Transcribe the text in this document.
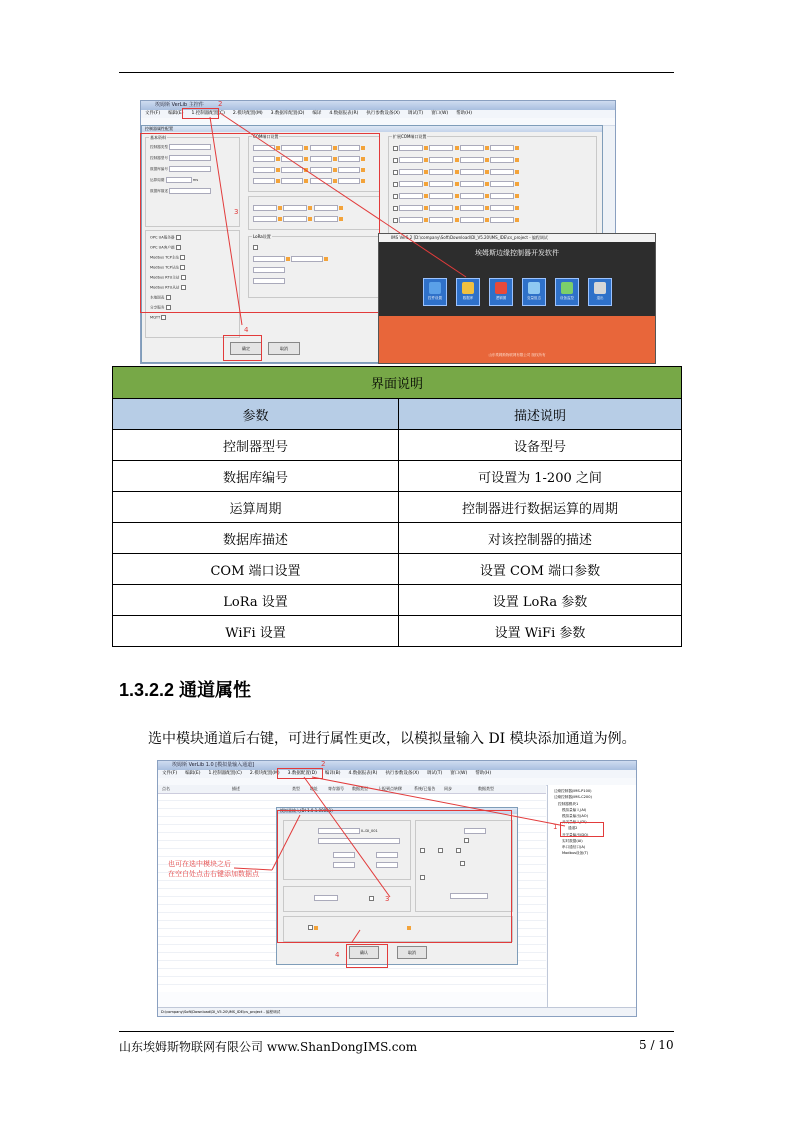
埃姆斯 VerLib 主控件
文件(F) 编辑(E) 1.控制器配置(C) 2.模块配置(M) 3.数据库配置(D) 编译 4.数据报表(R) 执行参数设备(X) 调试(T) 窗口(W) 帮助(H)
控制器属性配置
基本资料
控制器类型
控制器型号
数据库编号
运算周期	ms
数据库描述
OPC UA服务器
OPC UA客户端
Modbus TCP主站
Modbus TCP从站
Modbus RTU主站
Modbus RTU从站
本地图表
分享服务
MQTT
COM端口设置

LoRa设置

扩展COM端口设置

确定	取消
2
3
4
IMS Ver5.2 [D:\company\Soft\Download\DI_V5.20\IMS_IDE\cs_project - 编程调试
埃姆斯边缘控制器开发软件
控件设置	数据库	逻辑图	变量组态	设备监控	退出
山东埃姆斯物联网有限公司 版权所有
界面说明	
参数	描述说明
控制器型号	设备型号
数据库编号	可设置为 1-200 之间
运算周期	控制器进行数据运算的周期
数据库描述	对该控制器的描述
COM 端口设置	设置 COM 端口参数
LoRa 设置	设置 LoRa 参数
WiFi 设置	设置 WiFi 参数
1.3.2.2 通道属性

选中模块通道后右键，可进行属性更改，以模拟量输入 DI 模块添加通道为例。

埃姆斯 VerLib 1.0 [模拟量输入通道]
文件(F) 编辑(E) 1.控制器配置(C) 2.模块配置(M) 3.数据配置(D) 编译(B) 4.数据报表(R) 执行参数设备(X) 调试(T) 窗口(W) 帮助(H)
点名	描述	类型	地址	寄存器号 数据类型	上报到点转移	系统/已报告 同步	数据类型	边缘控制器(IMS-P100)
边缘控制器(IMS-C200)
控制器模块1
模拟量输入(AI)
模拟量输出(AO)
开关量输入(DI)
通道2
开关量输出(DO)
实时数据(AI)
串口通信口(A)
Modbus设备(T)
模拟量输入(DI 1.0.1.00001)
IL.DI_001

确认	取消
D:\company\Soft\Download\DI_V5.20\IMS_IDE\cs_project - 编程调试
2
3
4
1
也可在选中模块之后
在空白处点击右键添加数据点
山东埃姆斯物联网有限公司 www.ShanDongIMS.com	5 / 10
